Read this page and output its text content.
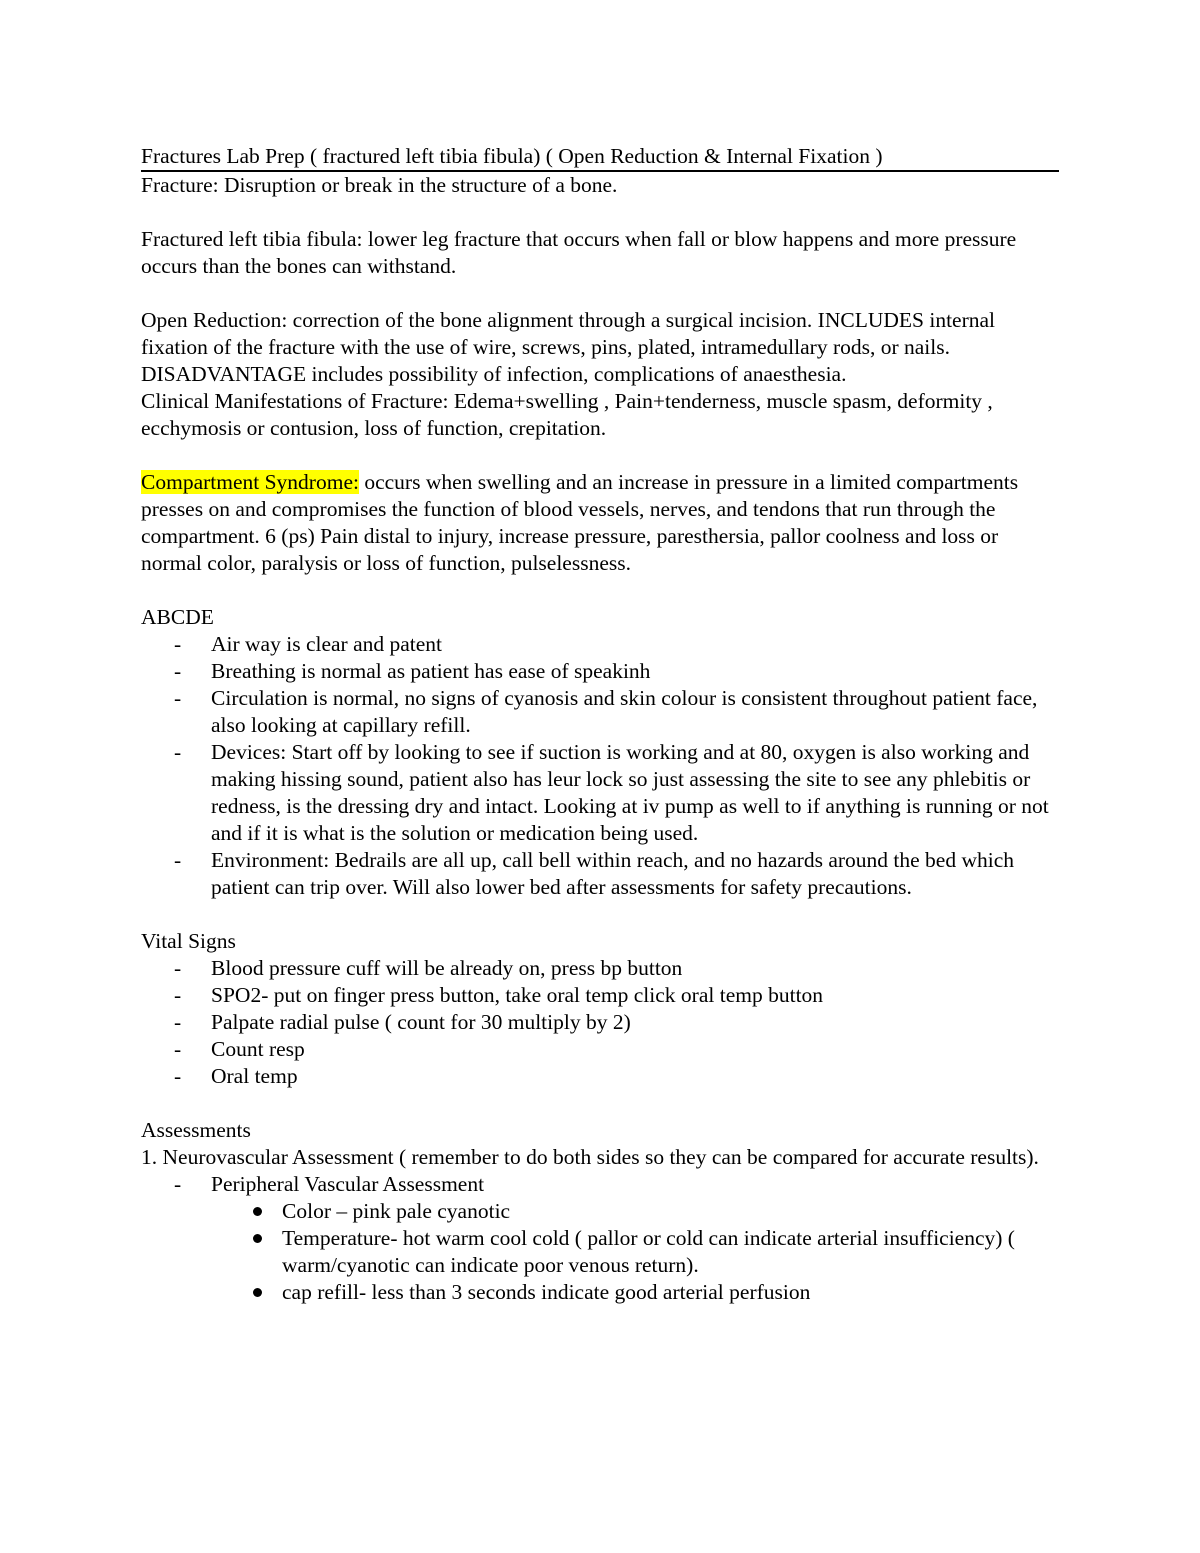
Fractures Lab Prep ( fractured left tibia fibula) ( Open Reduction & Internal Fixation )

Fracture: Disruption or break in the structure of a bone.

Fractured left tibia fibula: lower leg fracture that occurs when fall or blow happens and more pressure occurs than the bones can withstand.

Open Reduction: correction of the bone alignment through a surgical incision. INCLUDES internal fixation of the fracture with the use of wire, screws, pins, plated, intramedullary rods, or nails. DISADVANTAGE includes possibility of infection, complications of anaesthesia.

Clinical Manifestations of Fracture: Edema+swelling , Pain+tenderness, muscle spasm, deformity , ecchymosis or contusion, loss of function, crepitation.

Compartment Syndrome: occurs when swelling and an increase in pressure in a limited compartments presses on and compromises the function of blood vessels, nerves, and tendons that run through the compartment. 6 (ps) Pain distal to injury, increase pressure, paresthersia, pallor coolness and loss or normal color, paralysis or loss of function, pulselessness.

ABCDE

- Air way is clear and patent
- Breathing is normal as patient has ease of speakinh
- Circulation is normal, no signs of cyanosis and skin colour is consistent throughout patient face, also looking at capillary refill.
- Devices: Start off by looking to see if suction is working and at 80, oxygen is also working and making hissing sound, patient also has leur lock so just assessing the site to see any phlebitis or redness, is the dressing dry and intact. Looking at iv pump as well to if anything is running or not and if it is what is the solution or medication being used.
- Environment: Bedrails are all up, call bell within reach, and no hazards around the bed which patient can trip over. Will also lower bed after assessments for safety precautions.

Vital Signs

- Blood pressure cuff will be already on, press bp button
- SPO2- put on finger press button, take oral temp click oral temp button
- Palpate radial pulse ( count for 30 multiply by 2)
- Count resp
- Oral temp

Assessments

1. Neurovascular Assessment ( remember to do both sides so they can be compared for accurate results).

- Peripheral Vascular Assessment
Color – pink pale cyanotic
Temperature- hot warm cool cold ( pallor or cold can indicate arterial insufficiency) ( warm/cyanotic can indicate poor venous return).
cap refill- less than 3 seconds indicate good arterial perfusion
